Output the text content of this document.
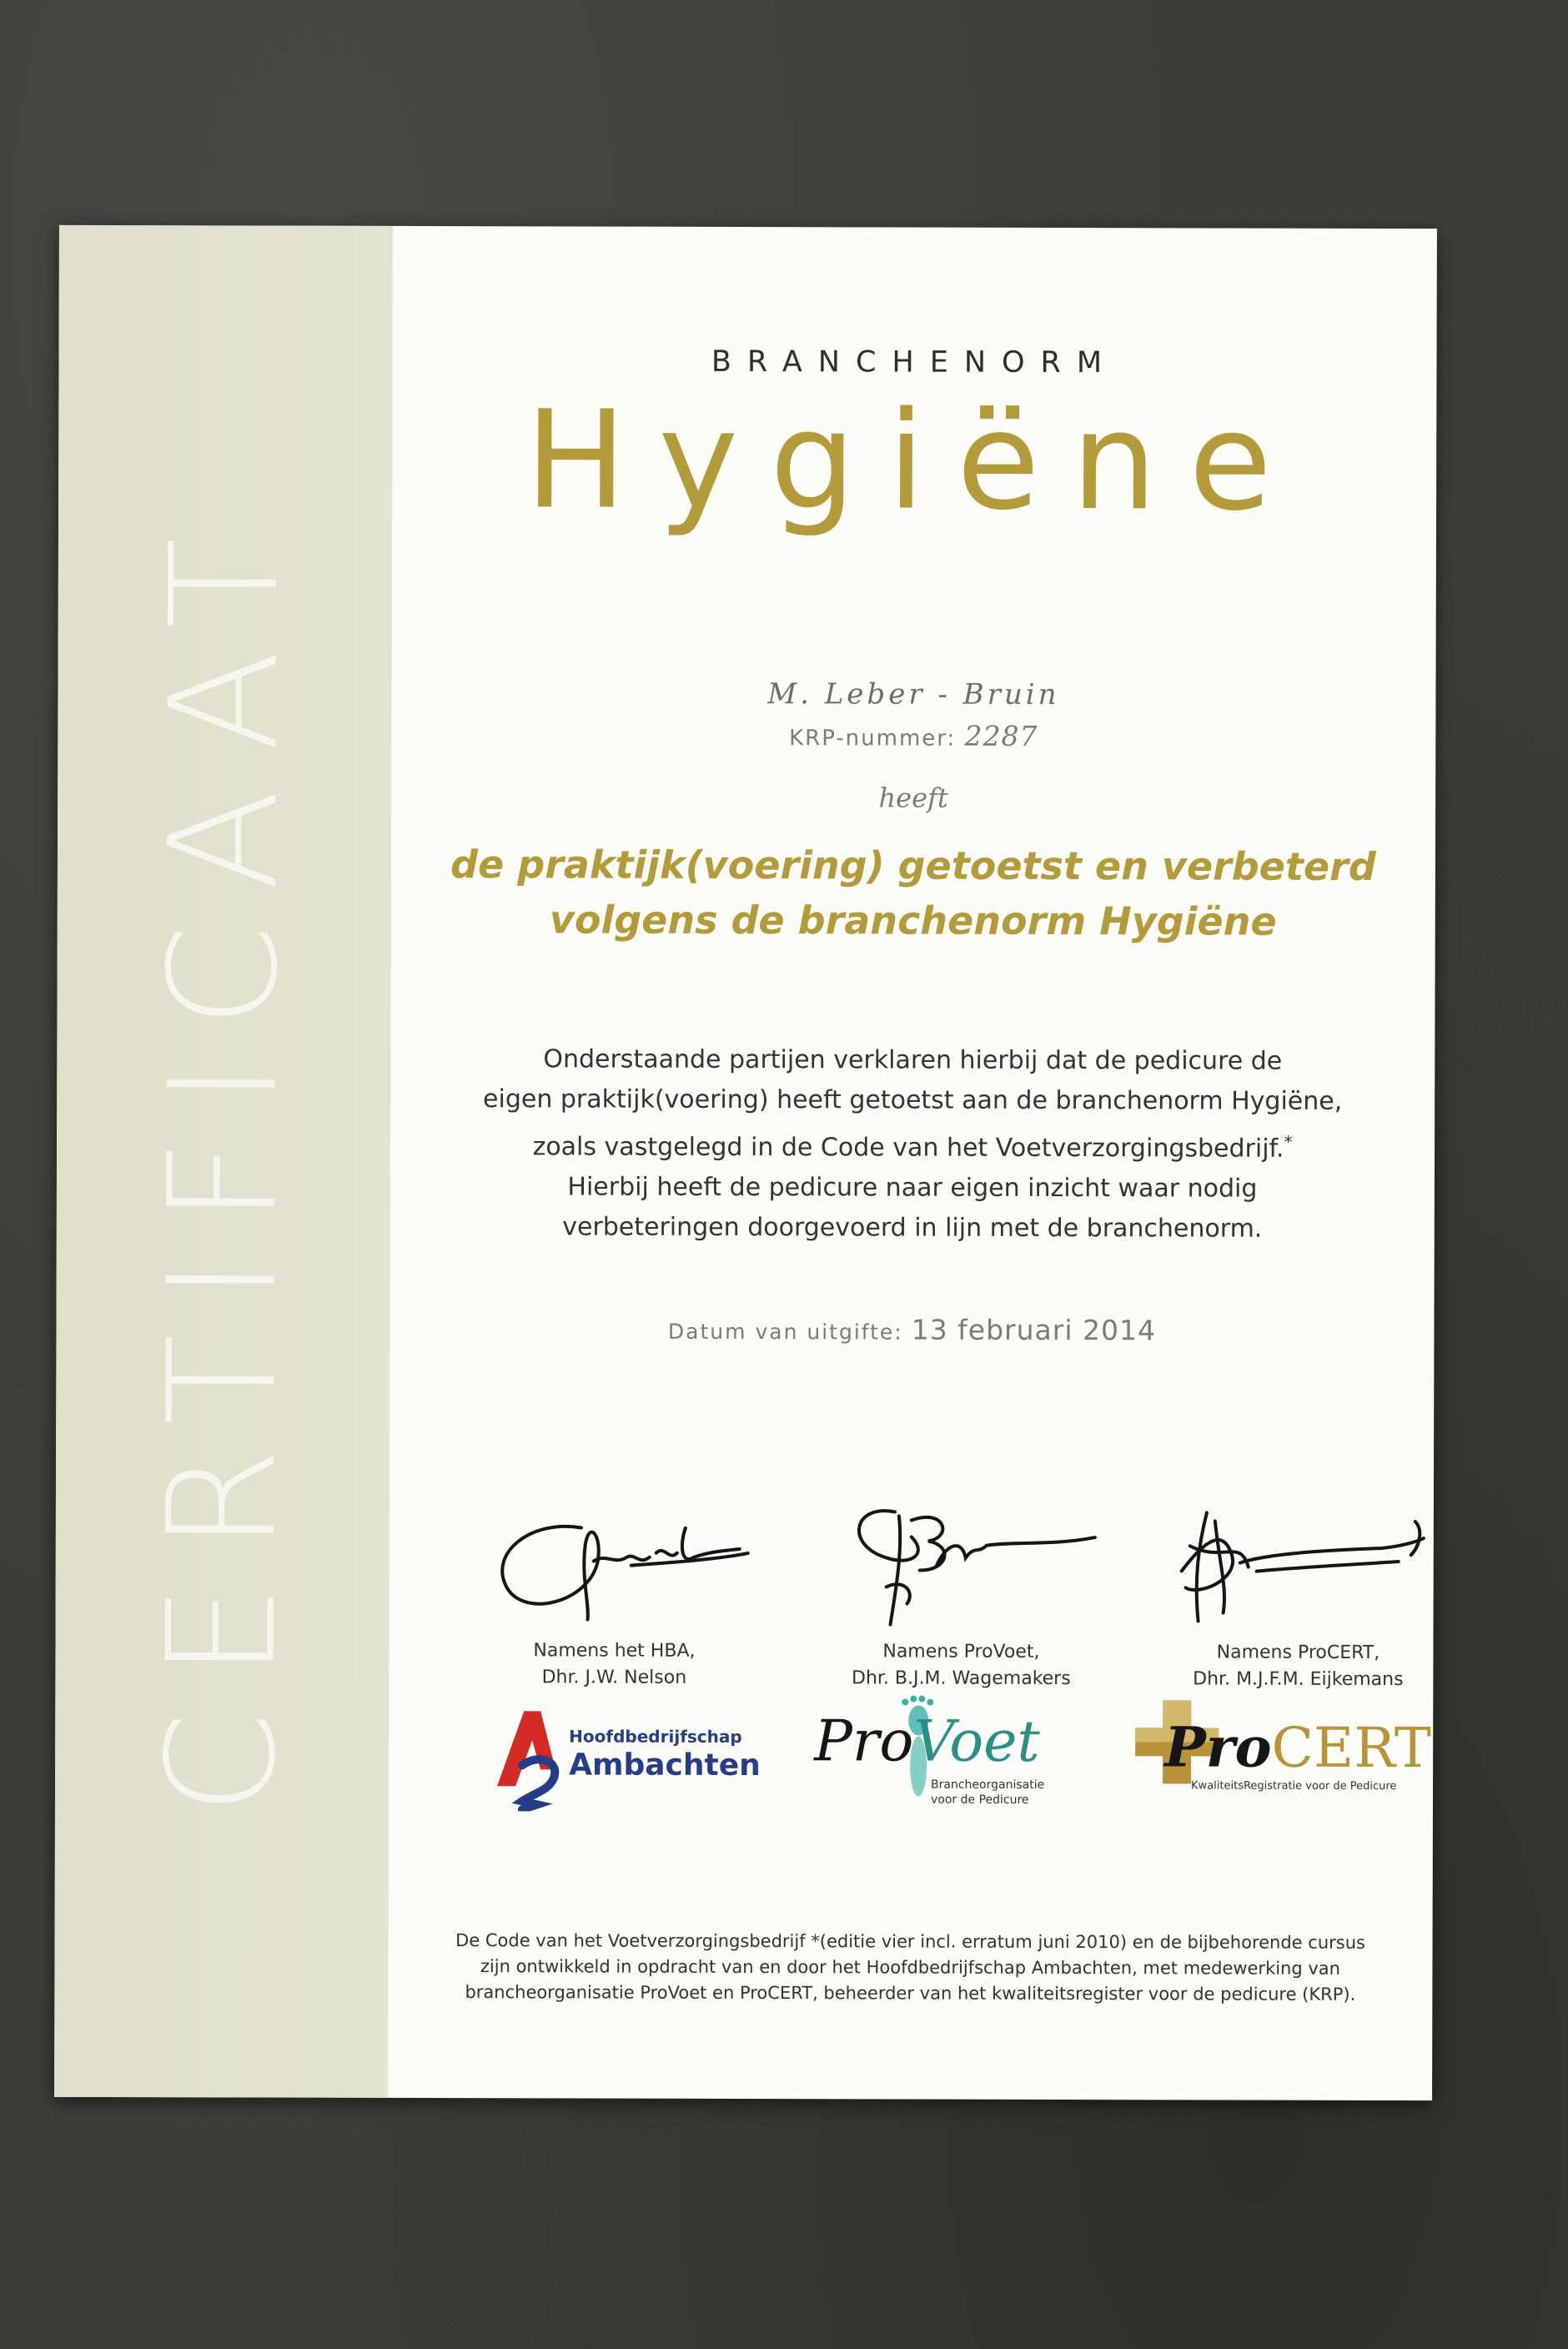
CERTIFICAAT
BRANCHENORM
Hygiëne
M. Leber - Bruin
KRP-nummer: 2287
heeft
de praktijk(voering) getoetst en verbeterd
volgens de branchenorm Hygiëne
Onderstaande partijen verklaren hierbij dat de pedicure de
eigen praktijk(voering) heeft getoetst aan de branchenorm Hygiëne,
zoals vastgelegd in de Code van het Voetverzorgingsbedrijf.*
Hierbij heeft de pedicure naar eigen inzicht waar nodig
verbeteringen doorgevoerd in lijn met de branchenorm.
Datum van uitgifte: 13 februari 2014
Namens het HBA,
Dhr. J.W. Nelson
Namens ProVoet,
Dhr. B.J.M. Wagemakers
Namens ProCERT,
Dhr. M.J.F.M. Eijkemans
Hoofdbedrijfschap
Ambachten ProVoet
Brancheorganisatie
voor de Pedicure
ProCERT
KwaliteitsRegistratie voor de Pedicure
De Code van het Voetverzorgingsbedrijf *(editie vier incl. erratum juni 2010) en de bijbehorende cursus
zijn ontwikkeld in opdracht van en door het Hoofdbedrijfschap Ambachten, met medewerking van
brancheorganisatie ProVoet en ProCERT, beheerder van het kwaliteitsregister voor de pedicure (KRP).
